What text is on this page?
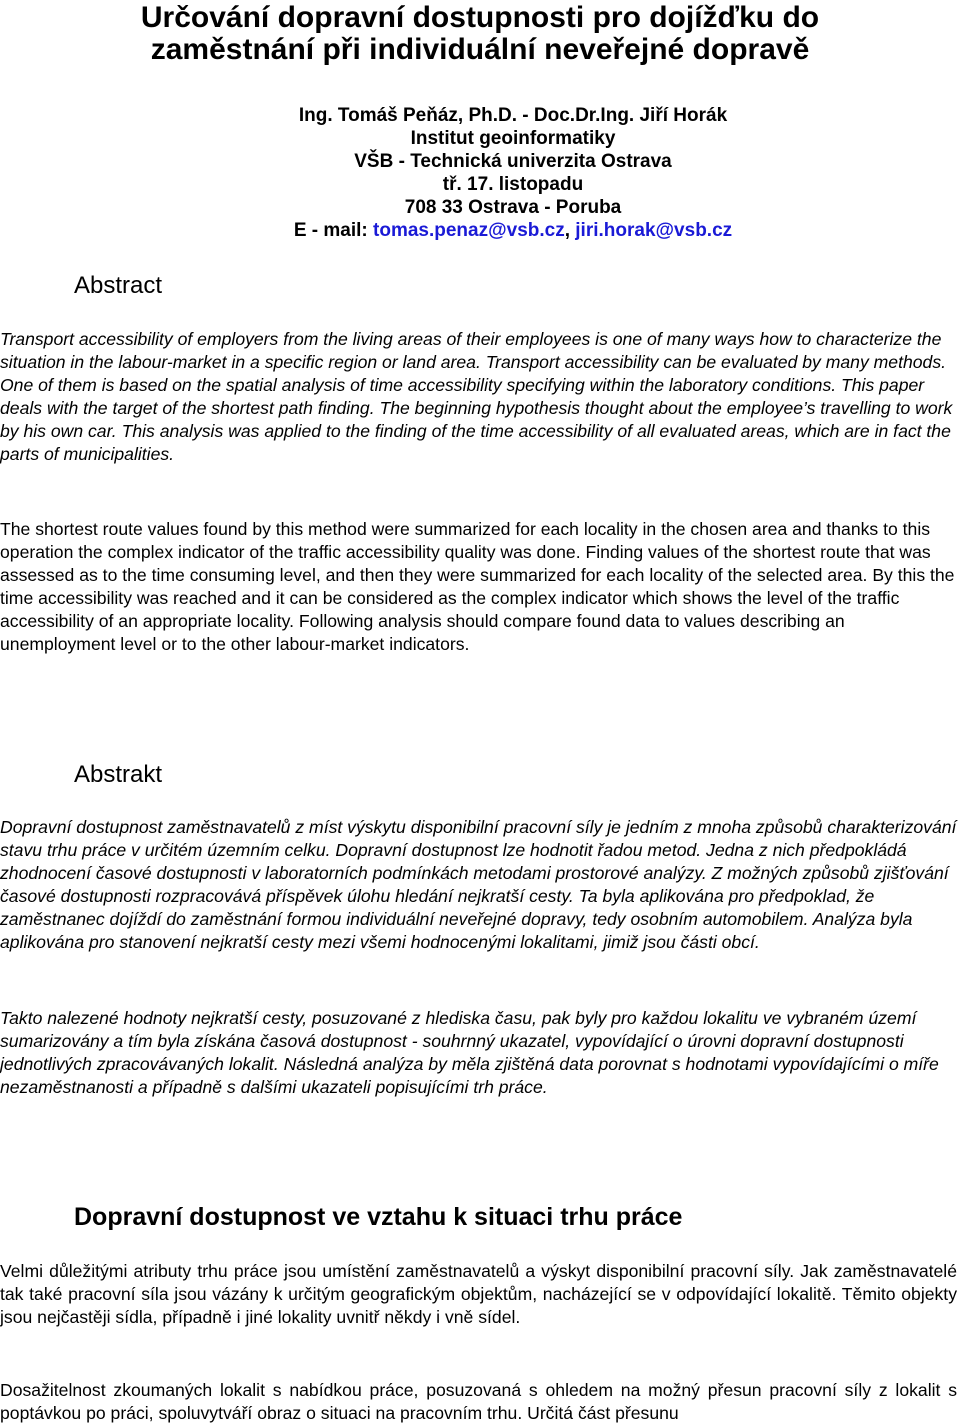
Určování dopravní dostupnosti pro dojížďku do
zaměstnání při individuální neveřejné dopravě
Ing. Tomáš Peňáz, Ph.D. - Doc.Dr.Ing. Jiří Horák
Institut geoinformatiky
VŠB - Technická univerzita Ostrava
tř. 17. listopadu
708 33 Ostrava - Poruba
E - mail: tomas.penaz@vsb.cz, jiri.horak@vsb.cz
Abstract

Transport accessibility of employers from the living areas of their employees is one of many ways how to characterize the situation in the labour-market in a specific region or land area. Transport accessibility can be evaluated by many methods. One of them is based on the spatial analysis of time accessibility specifying within the laboratory conditions. This paper deals with the target of the shortest path finding. The beginning hypothesis thought about the employee’s travelling to work by his own car. This analysis was applied to the finding of the time accessibility of all evaluated areas, which are in fact the parts of municipalities.

The shortest route values found by this method were summarized for each locality in the chosen area and thanks to this operation the complex indicator of the traffic accessibility quality was done. Finding values of the shortest route that was assessed as to the time consuming level, and then they were summarized for each locality of the selected area. By this the time accessibility was reached and it can be considered as the complex indicator which shows the level of the traffic accessibility of an appropriate locality. Following analysis should compare found data to values describing an unemployment level or to the other labour-market indicators.

Abstrakt

Dopravní dostupnost zaměstnavatelů z míst výskytu disponibilní pracovní síly je jedním z mnoha způsobů charakterizování stavu trhu práce v určitém územním celku. Dopravní dostupnost lze hodnotit řadou metod. Jedna z nich předpokládá zhodnocení časové dostupnosti v laboratorních podmínkách metodami prostorové analýzy. Z možných způsobů zjišťování časové dostupnosti rozpracovává příspěvek úlohu hledání nejkratší cesty. Ta byla aplikována pro předpoklad, že zaměstnanec dojíždí do zaměstnání formou individuální neveřejné dopravy, tedy osobním automobilem. Analýza byla aplikována pro stanovení nejkratší cesty mezi všemi hodnocenými lokalitami, jimiž jsou části obcí.

Takto nalezené hodnoty nejkratší cesty, posuzované z hlediska času, pak byly pro každou lokalitu ve vybraném území sumarizovány a tím byla získána časová dostupnost - souhrnný ukazatel, vypovídající o úrovni dopravní dostupnosti jednotlivých zpracovávaných lokalit. Následná analýza by měla zjištěná data porovnat s hodnotami vypovídajícími o míře nezaměstnanosti a případně s dalšími ukazateli popisujícími trh práce.

Dopravní dostupnost ve vztahu k situaci trhu práce

Velmi důležitými atributy trhu práce jsou umístění zaměstnavatelů a výskyt disponibilní pracovní síly. Jak zaměstnavatelé tak také pracovní síla jsou vázány k určitým geografickým objektům, nacházející se v odpovídající lokalitě. Těmito objekty jsou nejčastěji sídla, případně i jiné lokality uvnitř někdy i vně sídel.

Dosažitelnost zkoumaných lokalit s nabídkou práce, posuzovaná s ohledem na možný přesun pracovní síly z lokalit s poptávkou po práci, spoluvytváří obraz o situaci na pracovním trhu. Určitá část přesunu
